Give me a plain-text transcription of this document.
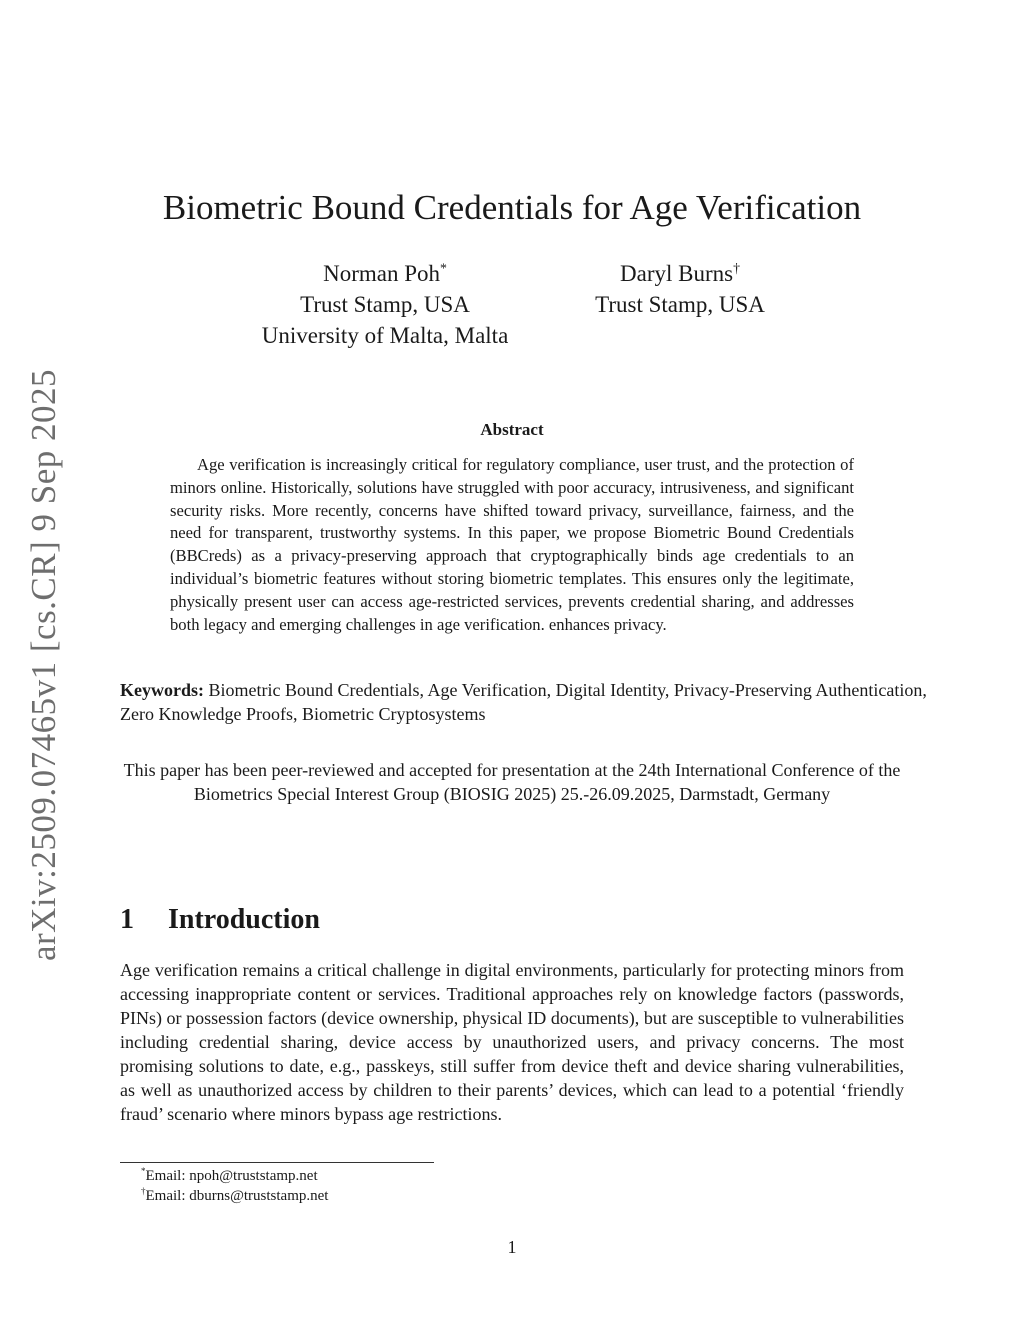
arXiv:2509.07465v1 [cs.CR] 9 Sep 2025
Biometric Bound Credentials for Age Verification
Norman Poh*
Trust Stamp, USA
University of Malta, Malta
Daryl Burns†
Trust Stamp, USA
Abstract

Age verification is increasingly critical for regulatory compliance, user trust, and the protection of minors online. Historically, solutions have struggled with poor accuracy, intrusiveness, and significant security risks. More recently, concerns have shifted toward privacy, surveillance, fairness, and the need for transparent, trustworthy systems. In this paper, we propose Biometric Bound Credentials (BBCreds) as a privacy-preserving approach that cryptographically binds age credentials to an individual’s biometric features without storing biometric templates. This ensures only the legitimate, physically present user can access age-restricted services, prevents credential sharing, and addresses both legacy and emerging challenges in age verification. enhances privacy.

Keywords: Biometric Bound Credentials, Age Verification, Digital Identity, Privacy-Preserving Authentication, Zero Knowledge Proofs, Biometric Cryptosystems

This paper has been peer-reviewed and accepted for presentation at the 24th International Conference of the Biometrics Special Interest Group (BIOSIG 2025) 25.-26.09.2025, Darmstadt, Germany

1 Introduction

Age verification remains a critical challenge in digital environments, particularly for protecting minors from accessing inappropriate content or services. Traditional approaches rely on knowledge factors (passwords, PINs) or possession factors (device ownership, physical ID documents), but are susceptible to vulnerabilities including credential sharing, device access by unauthorized users, and privacy concerns. The most promising solutions to date, e.g., passkeys, still suffer from device theft and device sharing vulnerabilities, as well as unauthorized access by children to their parents’ devices, which can lead to a potential ‘friendly fraud’ scenario where minors bypass age restrictions.

*Email: npoh@truststamp.net
†Email: dburns@truststamp.net
1
